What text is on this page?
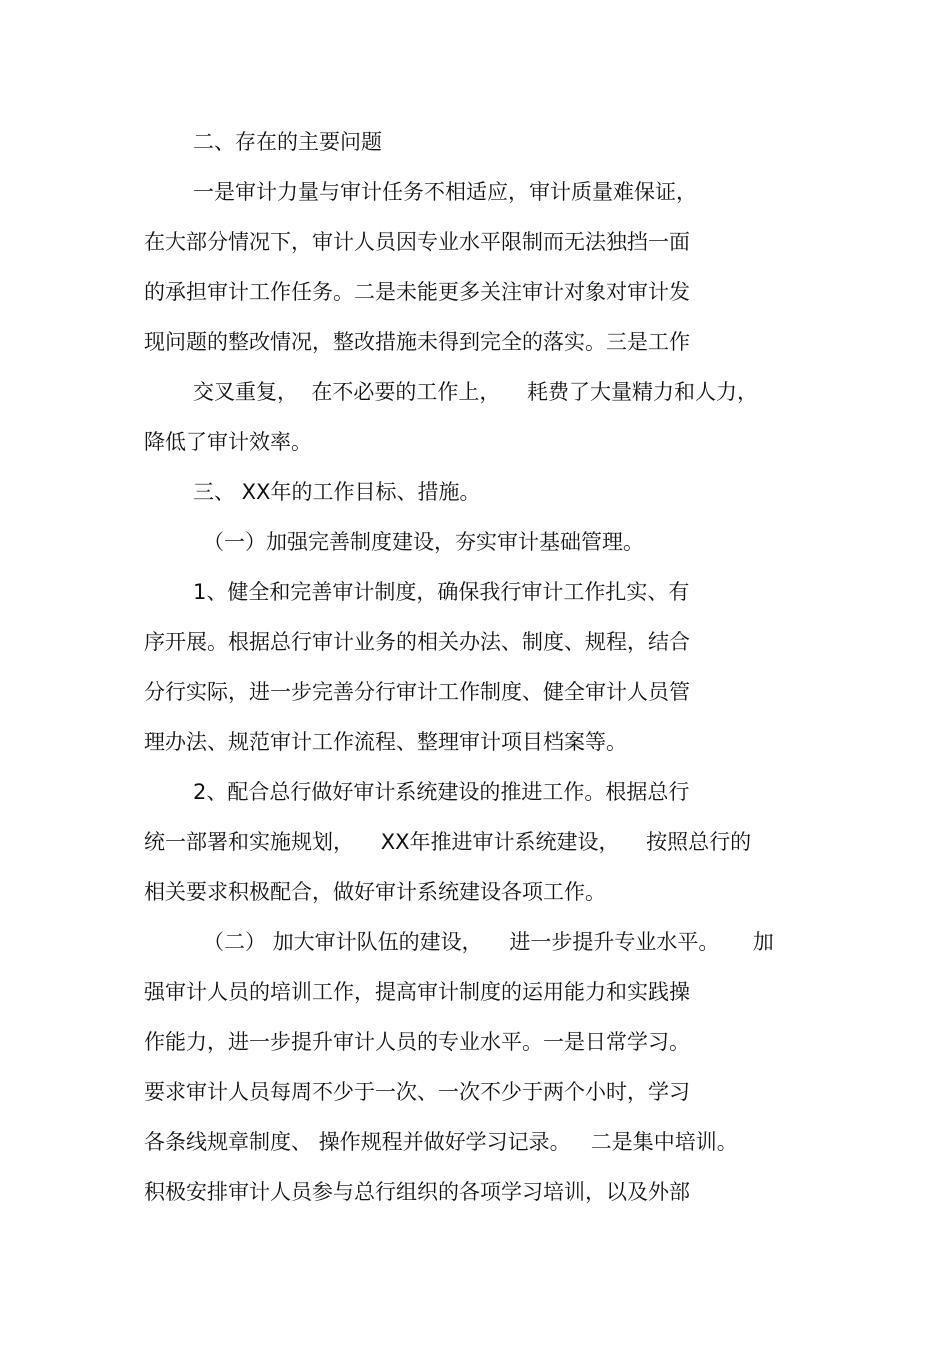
二、存在的主要问题
一是审计力量与审计任务不相适应，审计质量难保证，
在大部分情况下，审计人员因专业水平限制而无法独挡一面
的承担审计工作任务。二是未能更多关注审计对象对审计发
现问题的整改情况，整改措施未得到完全的落实。三是工作
交叉重复，  在不必要的工作上，    耗费了大量精力和人力，
降低了审计效率。
三、 XX年的工作目标、措施。
（一）加强完善制度建设，夯实审计基础管理。
1、健全和完善审计制度，确保我行审计工作扎实、有
序开展。根据总行审计业务的相关办法、制度、规程，结合
分行实际，进一步完善分行审计工作制度、健全审计人员管
理办法、规范审计工作流程、整理审计项目档案等。
2、配合总行做好审计系统建设的推进工作。根据总行
统一部署和实施规划，    XX年推进审计系统建设，    按照总行的
相关要求积极配合，做好审计系统建设各项工作。
（二） 加大审计队伍的建设，    进一步提升专业水平。     加
强审计人员的培训工作，提高审计制度的运用能力和实践操
作能力，进一步提升审计人员的专业水平。一是日常学习。
要求审计人员每周不少于一次、一次不少于两个小时，学习
各条线规章制度、 操作规程并做好学习记录。   二是集中培训。
积极安排审计人员参与总行组织的各项学习培训，以及外部
